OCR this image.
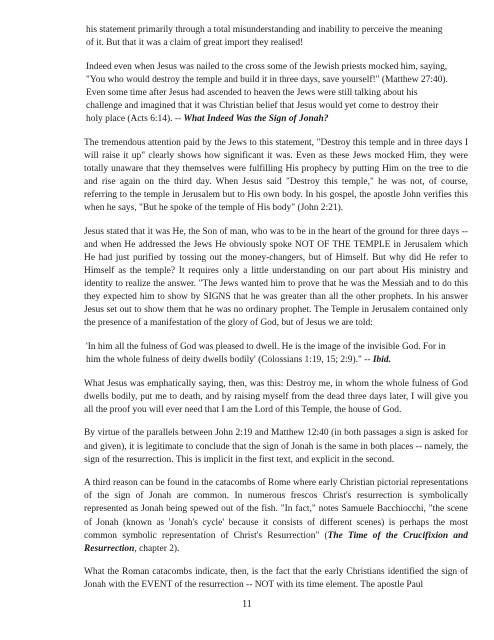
his statement primarily through a total misunderstanding and inability to perceive the meaning of it. But that it was a claim of great import they realised!

Indeed even when Jesus was nailed to the cross some of the Jewish priests mocked him, saying, "You who would destroy the temple and build it in three days, save yourself!" (Matthew 27:40). Even some time after Jesus had ascended to heaven the Jews were still talking about his challenge and imagined that it was Christian belief that Jesus would yet come to destroy their holy place (Acts 6:14). -- What Indeed Was the Sign of Jonah?

The tremendous attention paid by the Jews to this statement, "Destroy this temple and in three days I will raise it up" clearly shows how significant it was. Even as these Jews mocked Him, they were totally unaware that they themselves were fulfilling His prophecy by putting Him on the tree to die and rise again on the third day. When Jesus said "Destroy this temple," he was not, of course, referring to the temple in Jerusalem but to His own body. In his gospel, the apostle John verifies this when he says, "But he spoke of the temple of His body" (John 2:21).

Jesus stated that it was He, the Son of man, who was to be in the heart of the ground for three days -- and when He addressed the Jews He obviously spoke NOT OF THE TEMPLE in Jerusalem which He had just purified by tossing out the money-changers, but of Himself. But why did He refer to Himself as the temple? It requires only a little understanding on our part about His ministry and identity to realize the answer. "The Jews wanted him to prove that he was the Messiah and to do this they expected him to show by SIGNS that he was greater than all the other prophets. In his answer Jesus set out to show them that he was no ordinary prophet. The Temple in Jerusalem contained only the presence of a manifestation of the glory of God, but of Jesus we are told:

'In him all the fulness of God was pleased to dwell. He is the image of the invisible God. For in him the whole fulness of deity dwells bodily' (Colossians 1:19, 15; 2:9)." -- Ibid.

What Jesus was emphatically saying, then, was this: Destroy me, in whom the whole fulness of God dwells bodily, put me to death, and by raising myself from the dead three days later, I will give you all the proof you will ever need that I am the Lord of this Temple, the house of God.

By virtue of the parallels between John 2:19 and Matthew 12:40 (in both passages a sign is asked for and given), it is legitimate to conclude that the sign of Jonah is the same in both places -- namely, the sign of the resurrection. This is implicit in the first text, and explicit in the second.

A third reason can be found in the catacombs of Rome where early Christian pictorial representations of the sign of Jonah are common. In numerous frescos Christ's resurrection is symbolically represented as Jonah being spewed out of the fish. "In fact," notes Samuele Bacchiocchi, "the scene of Jonah (known as 'Jonah's cycle' because it consists of different scenes) is perhaps the most common symbolic representation of Christ's Resurrection" (The Time of the Crucifixion and Resurrection, chapter 2).

What the Roman catacombs indicate, then, is the fact that the early Christians identified the sign of Jonah with the EVENT of the resurrection -- NOT with its time element. The apostle Paul

11
